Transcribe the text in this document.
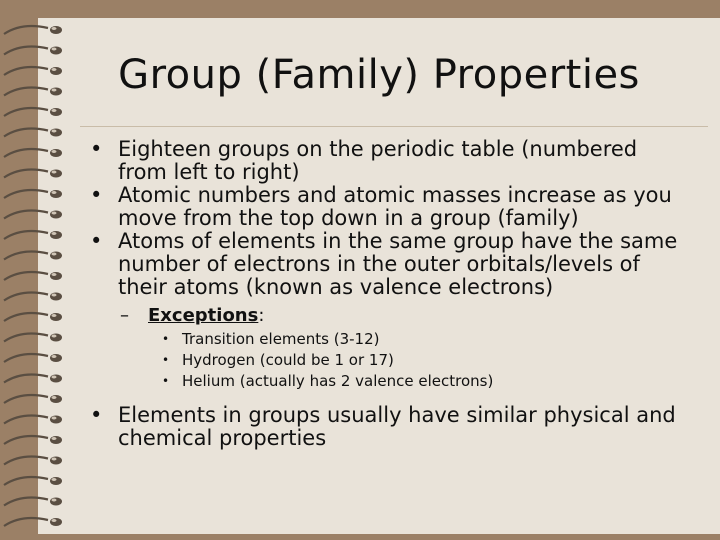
Group (Family) Properties
• Eighteen groups on the periodic table (numbered from left to right)
• Atomic numbers and atomic masses increase as you move from the top down in a group (family)
• Atoms of elements in the same group have the same number of electrons in the outer orbitals/levels of their atoms (known as valence electrons)
– Exceptions:
• Transition elements (3-12)
• Hydrogen (could be 1 or 17)
• Helium (actually has 2 valence electrons)
• Elements in groups usually have similar physical and chemical properties
